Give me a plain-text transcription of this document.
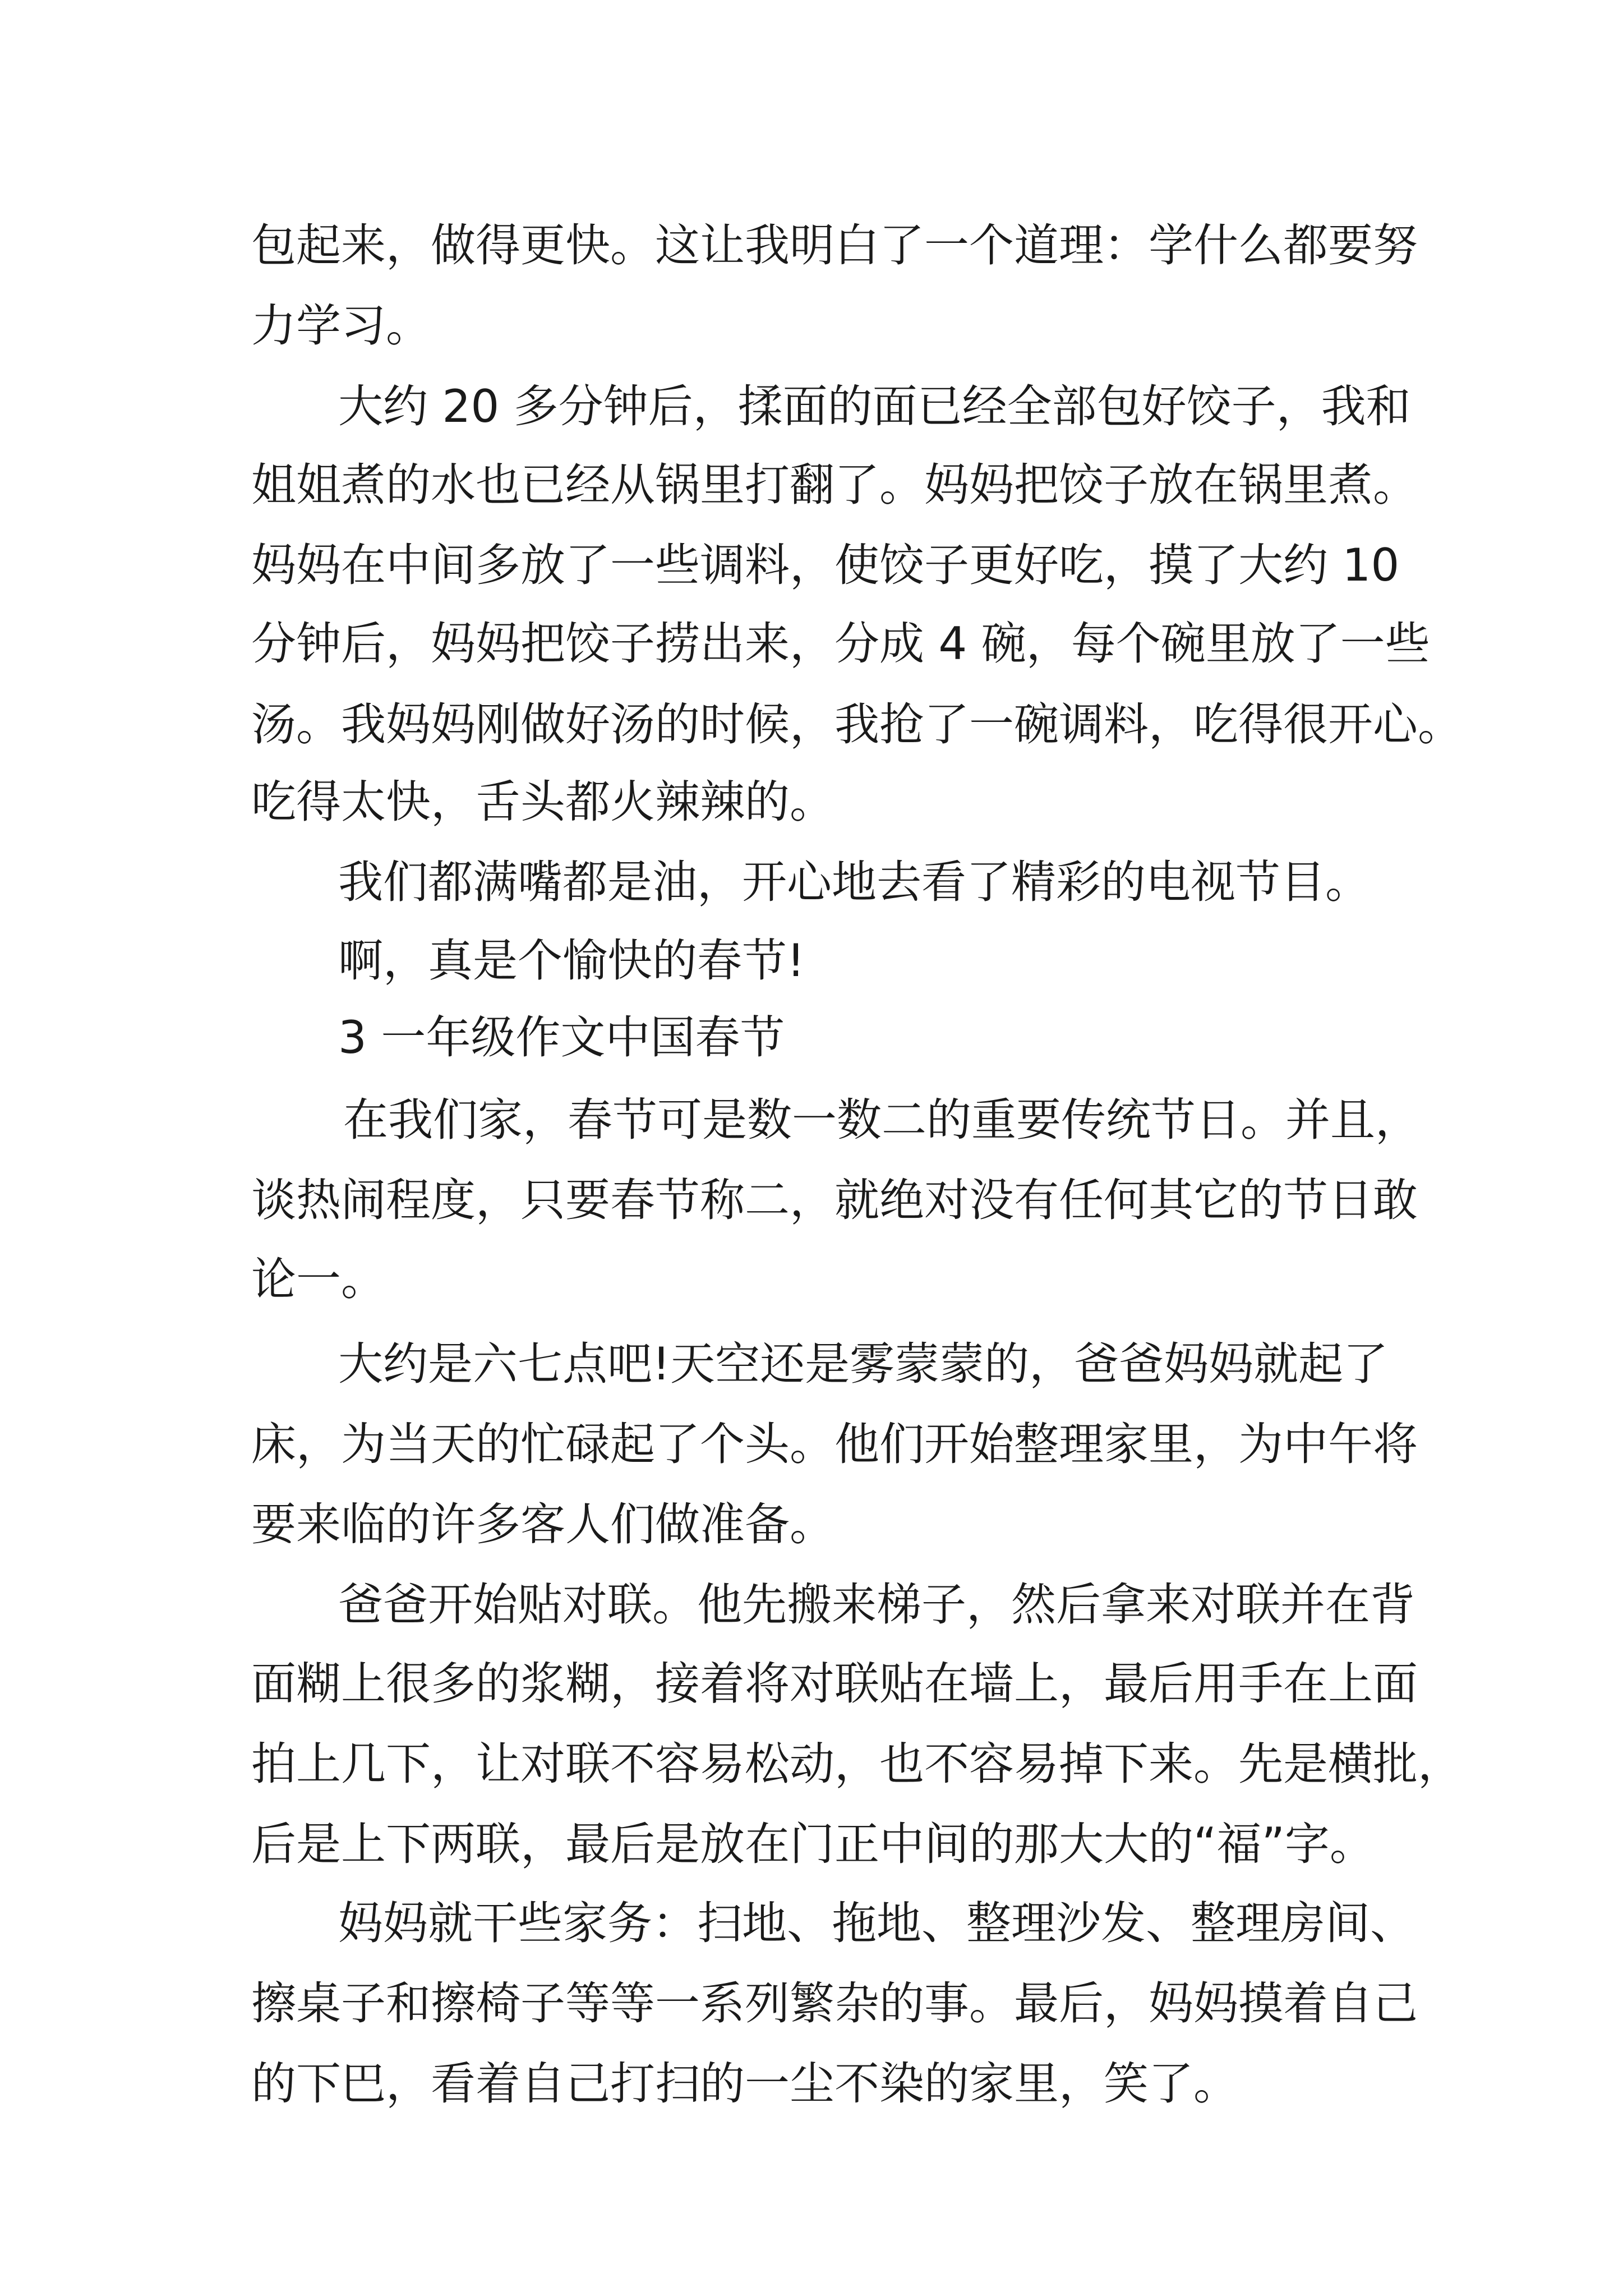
包起来，做得更快。这让我明白了一个道理：学什么都要努
力学习。
大约 20 多分钟后，揉面的面已经全部包好饺子，我和
姐姐煮的水也已经从锅里打翻了。妈妈把饺子放在锅里煮。
妈妈在中间多放了一些调料，使饺子更好吃，摸了大约 10
分钟后，妈妈把饺子捞出来，分成 4 碗，每个碗里放了一些
汤。我妈妈刚做好汤的时候，我抢了一碗调料，吃得很开心。
吃得太快，舌头都火辣辣的。
我们都满嘴都是油，开心地去看了精彩的电视节目。
啊，真是个愉快的春节!
3 一年级作文中国春节
在我们家，春节可是数一数二的重要传统节日。并且，
谈热闹程度，只要春节称二，就绝对没有任何其它的节日敢
论一。
大约是六七点吧!天空还是雾蒙蒙的，爸爸妈妈就起了
床，为当天的忙碌起了个头。他们开始整理家里，为中午将
要来临的许多客人们做准备。
爸爸开始贴对联。他先搬来梯子，然后拿来对联并在背
面糊上很多的浆糊，接着将对联贴在墙上，最后用手在上面
拍上几下，让对联不容易松动，也不容易掉下来。先是横批，
后是上下两联，最后是放在门正中间的那大大的“福”字。
妈妈就干些家务：扫地、拖地、整理沙发、整理房间、
擦桌子和擦椅子等等一系列繁杂的事。最后，妈妈摸着自己
的下巴，看着自己打扫的一尘不染的家里，笑了。
